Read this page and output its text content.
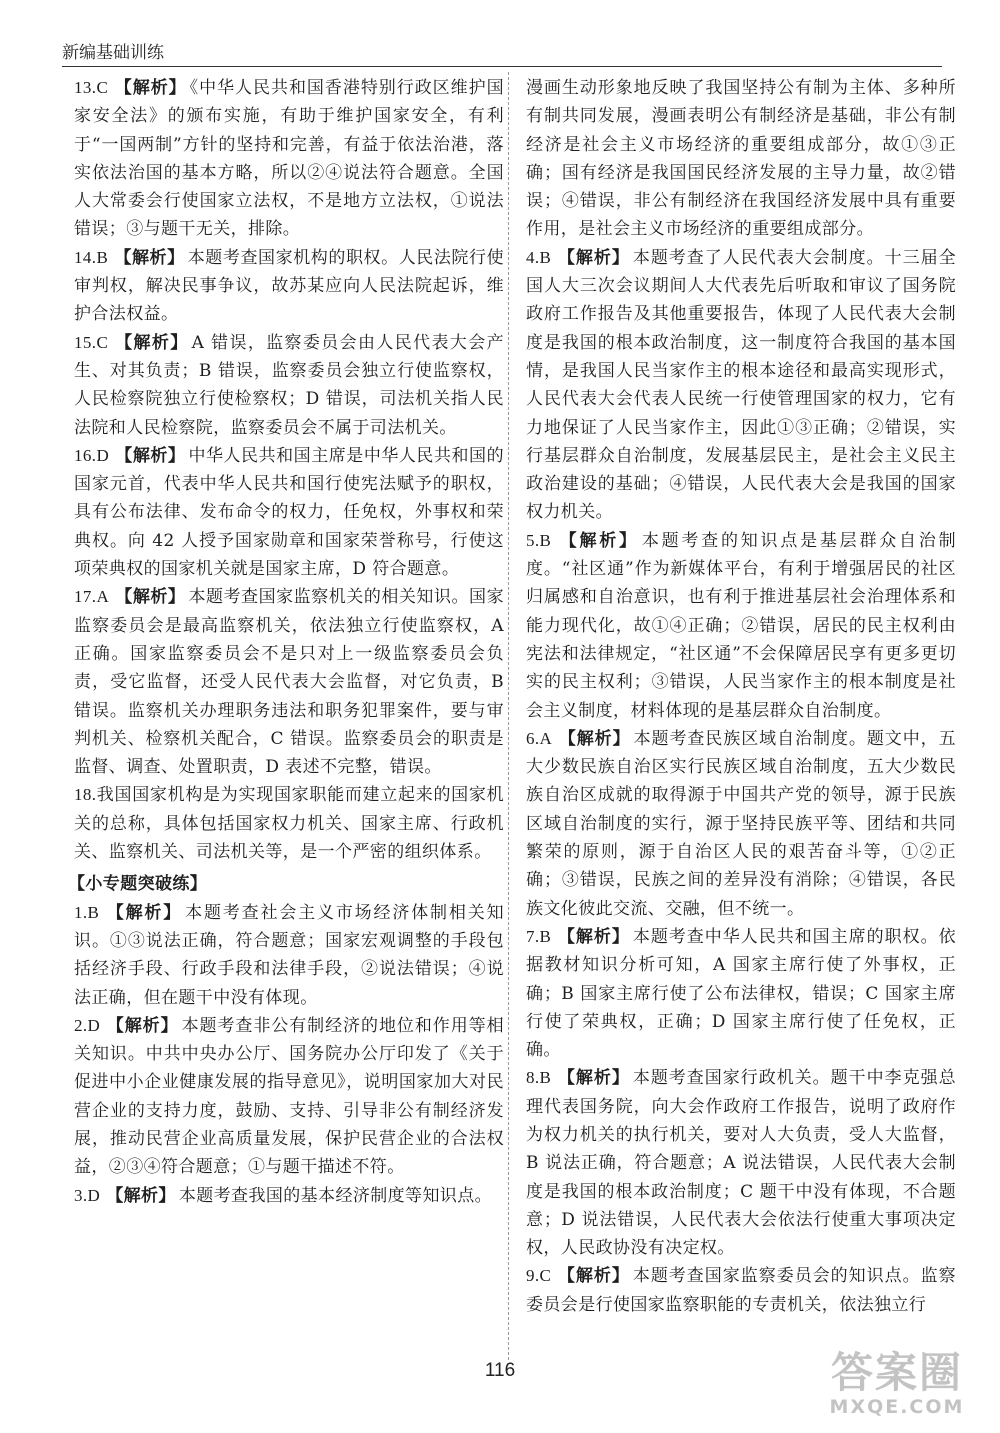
新编基础训练

13.C 【解析】 《中华人民共和国香港特别行政区维护国家安全法》的颁布实施，有助于维护国家安全，有利于“一国两制”方针的坚持和完善，有益于依法治港，落实依法治国的基本方略，所以②④说法符合题意。全国人大常委会行使国家立法权，不是地方立法权，①说法错误；③与题干无关，排除。

14.B 【解析】 本题考查国家机构的职权。人民法院行使审判权，解决民事争议，故苏某应向人民法院起诉，维护合法权益。

15.C 【解析】 A 错误，监察委员会由人民代表大会产生、对其负责；B 错误，监察委员会独立行使监察权，人民检察院独立行使检察权；D 错误，司法机关指人民法院和人民检察院，监察委员会不属于司法机关。

16.D 【解析】 中华人民共和国主席是中华人民共和国的国家元首，代表中华人民共和国行使宪法赋予的职权，具有公布法律、发布命令的权力，任免权，外事权和荣典权。向 42 人授予国家勋章和国家荣誉称号，行使这项荣典权的国家机关就是国家主席，D 符合题意。

17.A 【解析】 本题考查国家监察机关的相关知识。国家监察委员会是最高监察机关，依法独立行使监察权，A 正确。国家监察委员会不是只对上一级监察委员会负责，受它监督，还受人民代表大会监督，对它负责，B 错误。监察机关办理职务违法和职务犯罪案件，要与审判机关、检察机关配合，C 错误。监察委员会的职责是监督、调查、处置职责，D 表述不完整，错误。

18.我国国家机构是为实现国家职能而建立起来的国家机关的总称，具体包括国家权力机关、国家主席、行政机关、监察机关、司法机关等，是一个严密的组织体系。

【小专题突破练】

1.B 【解析】 本题考查社会主义市场经济体制相关知识。①③说法正确，符合题意；国家宏观调整的手段包括经济手段、行政手段和法律手段，②说法错误；④说法正确，但在题干中没有体现。

2.D 【解析】 本题考查非公有制经济的地位和作用等相关知识。中共中央办公厅、国务院办公厅印发了《关于促进中小企业健康发展的指导意见》，说明国家加大对民营企业的支持力度，鼓励、支持、引导非公有制经济发展，推动民营企业高质量发展，保护民营企业的合法权益，②③④符合题意；①与题干描述不符。

3.D 【解析】 本题考查我国的基本经济制度等知识点。

漫画生动形象地反映了我国坚持公有制为主体、多种所有制共同发展，漫画表明公有制经济是基础，非公有制经济是社会主义市场经济的重要组成部分，故①③正确；国有经济是我国国民经济发展的主导力量，故②错误；④错误，非公有制经济在我国经济发展中具有重要作用，是社会主义市场经济的重要组成部分。

4.B 【解析】 本题考查了人民代表大会制度。十三届全国人大三次会议期间人大代表先后听取和审议了国务院政府工作报告及其他重要报告，体现了人民代表大会制度是我国的根本政治制度，这一制度符合我国的基本国情，是我国人民当家作主的根本途径和最高实现形式，人民代表大会代表人民统一行使管理国家的权力，它有力地保证了人民当家作主，因此①③正确；②错误，实行基层群众自治制度，发展基层民主，是社会主义民主政治建设的基础；④错误，人民代表大会是我国的国家权力机关。

5.B 【解析】 本题考查的知识点是基层群众自治制度。“社区通”作为新媒体平台，有利于增强居民的社区归属感和自治意识，也有利于推进基层社会治理体系和能力现代化，故①④正确；②错误，居民的民主权利由宪法和法律规定，“社区通”不会保障居民享有更多更切实的民主权利；③错误，人民当家作主的根本制度是社会主义制度，材料体现的是基层群众自治制度。

6.A 【解析】 本题考查民族区域自治制度。题文中，五大少数民族自治区实行民族区域自治制度，五大少数民族自治区成就的取得源于中国共产党的领导，源于民族区域自治制度的实行，源于坚持民族平等、团结和共同繁荣的原则，源于自治区人民的艰苦奋斗等，①②正确；③错误，民族之间的差异没有消除；④错误，各民族文化彼此交流、交融，但不统一。

7.B 【解析】 本题考查中华人民共和国主席的职权。依据教材知识分析可知，A 国家主席行使了外事权，正确；B 国家主席行使了公布法律权，错误；C 国家主席行使了荣典权，正确；D 国家主席行使了任免权，正确。

8.B 【解析】 本题考查国家行政机关。题干中李克强总理代表国务院，向大会作政府工作报告，说明了政府作为权力机关的执行机关，要对人大负责，受人大监督，B 说法正确，符合题意；A 说法错误，人民代表大会制度是我国的根本政治制度；C 题干中没有体现，不合题意；D 说法错误，人民代表大会依法行使重大事项决定权，人民政协没有决定权。

9.C 【解析】 本题考查国家监察委员会的知识点。监察委员会是行使国家监察职能的专责机关，依法独立行

116	答案圈
MXQE.COM
